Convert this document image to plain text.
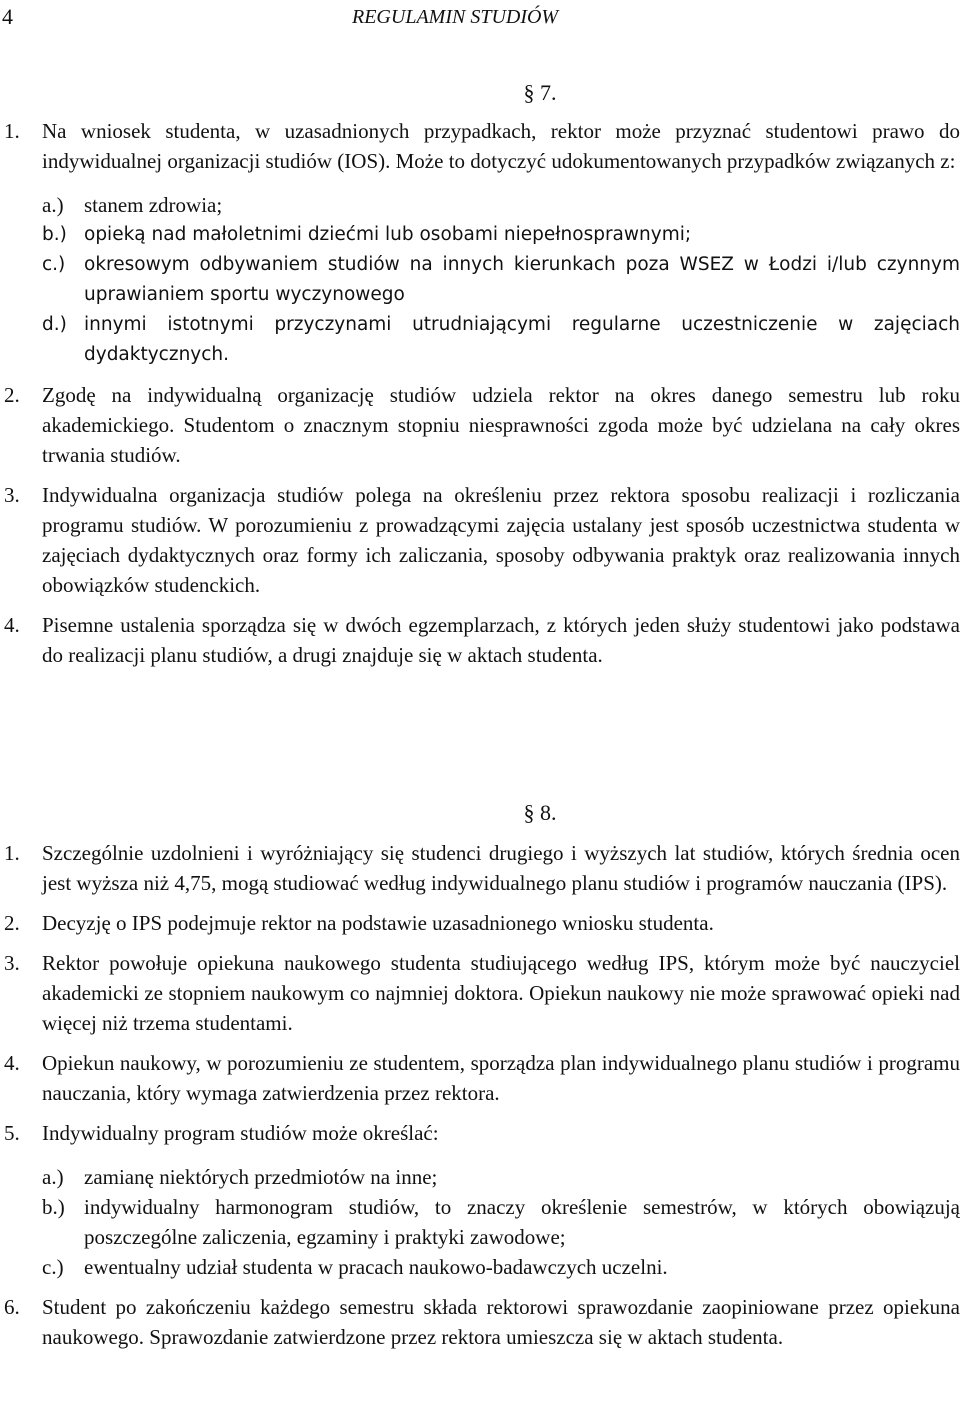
4	REGULAMIN STUDIÓW
§ 7.
1. Na wniosek studenta, w uzasadnionych przypadkach, rektor może przyznać studentowi prawo do indywidualnej organizacji studiów (IOS). Może to dotyczyć udokumentowanych przypadków związanych z:
a.) stanem zdrowia;
b.) opieką nad małoletnimi dziećmi lub osobami niepełnosprawnymi;
c.) okresowym odbywaniem studiów na innych kierunkach poza WSEZ w Łodzi i/lub czynnym uprawianiem sportu wyczynowego
d.) innymi istotnymi przyczynami utrudniającymi regularne uczestniczenie w zajęciach dydaktycznych.
2. Zgodę na indywidualną organizację studiów udziela rektor na okres danego semestru lub roku akademickiego. Studentom o znacznym stopniu niesprawności zgoda może być udzielana na cały okres trwania studiów.
3. Indywidualna organizacja studiów polega na określeniu przez rektora sposobu realizacji i rozliczania programu studiów. W porozumieniu z prowadzącymi zajęcia ustalany jest sposób uczestnictwa studenta w zajęciach dydaktycznych oraz formy ich zaliczania, sposoby odbywania praktyk oraz realizowania innych obowiązków studenckich.
4. Pisemne ustalenia sporządza się w dwóch egzemplarzach, z których jeden służy studentowi jako podstawa do realizacji planu studiów, a drugi znajduje się w aktach studenta.
§ 8.
1. Szczególnie uzdolnieni i wyróżniający się studenci drugiego i wyższych lat studiów, których średnia ocen jest wyższa niż 4,75, mogą studiować według indywidualnego planu studiów i programów nauczania (IPS).
2. Decyzję o IPS podejmuje rektor na podstawie uzasadnionego wniosku studenta.
3. Rektor powołuje opiekuna naukowego studenta studiującego według IPS, którym może być nauczyciel akademicki ze stopniem naukowym co najmniej doktora. Opiekun naukowy nie może sprawować opieki nad więcej niż trzema studentami.
4. Opiekun naukowy, w porozumieniu ze studentem, sporządza plan indywidualnego planu studiów i programu nauczania, który wymaga zatwierdzenia przez rektora.
5. Indywidualny program studiów może określać:
a.) zamianę niektórych przedmiotów na inne;
b.) indywidualny harmonogram studiów, to znaczy określenie semestrów, w których obowiązują poszczególne zaliczenia, egzaminy i praktyki zawodowe;
c.) ewentualny udział studenta w pracach naukowo-badawczych uczelni.
6. Student po zakończeniu każdego semestru składa rektorowi sprawozdanie zaopiniowane przez opiekuna naukowego. Sprawozdanie zatwierdzone przez rektora umieszcza się w aktach studenta.
